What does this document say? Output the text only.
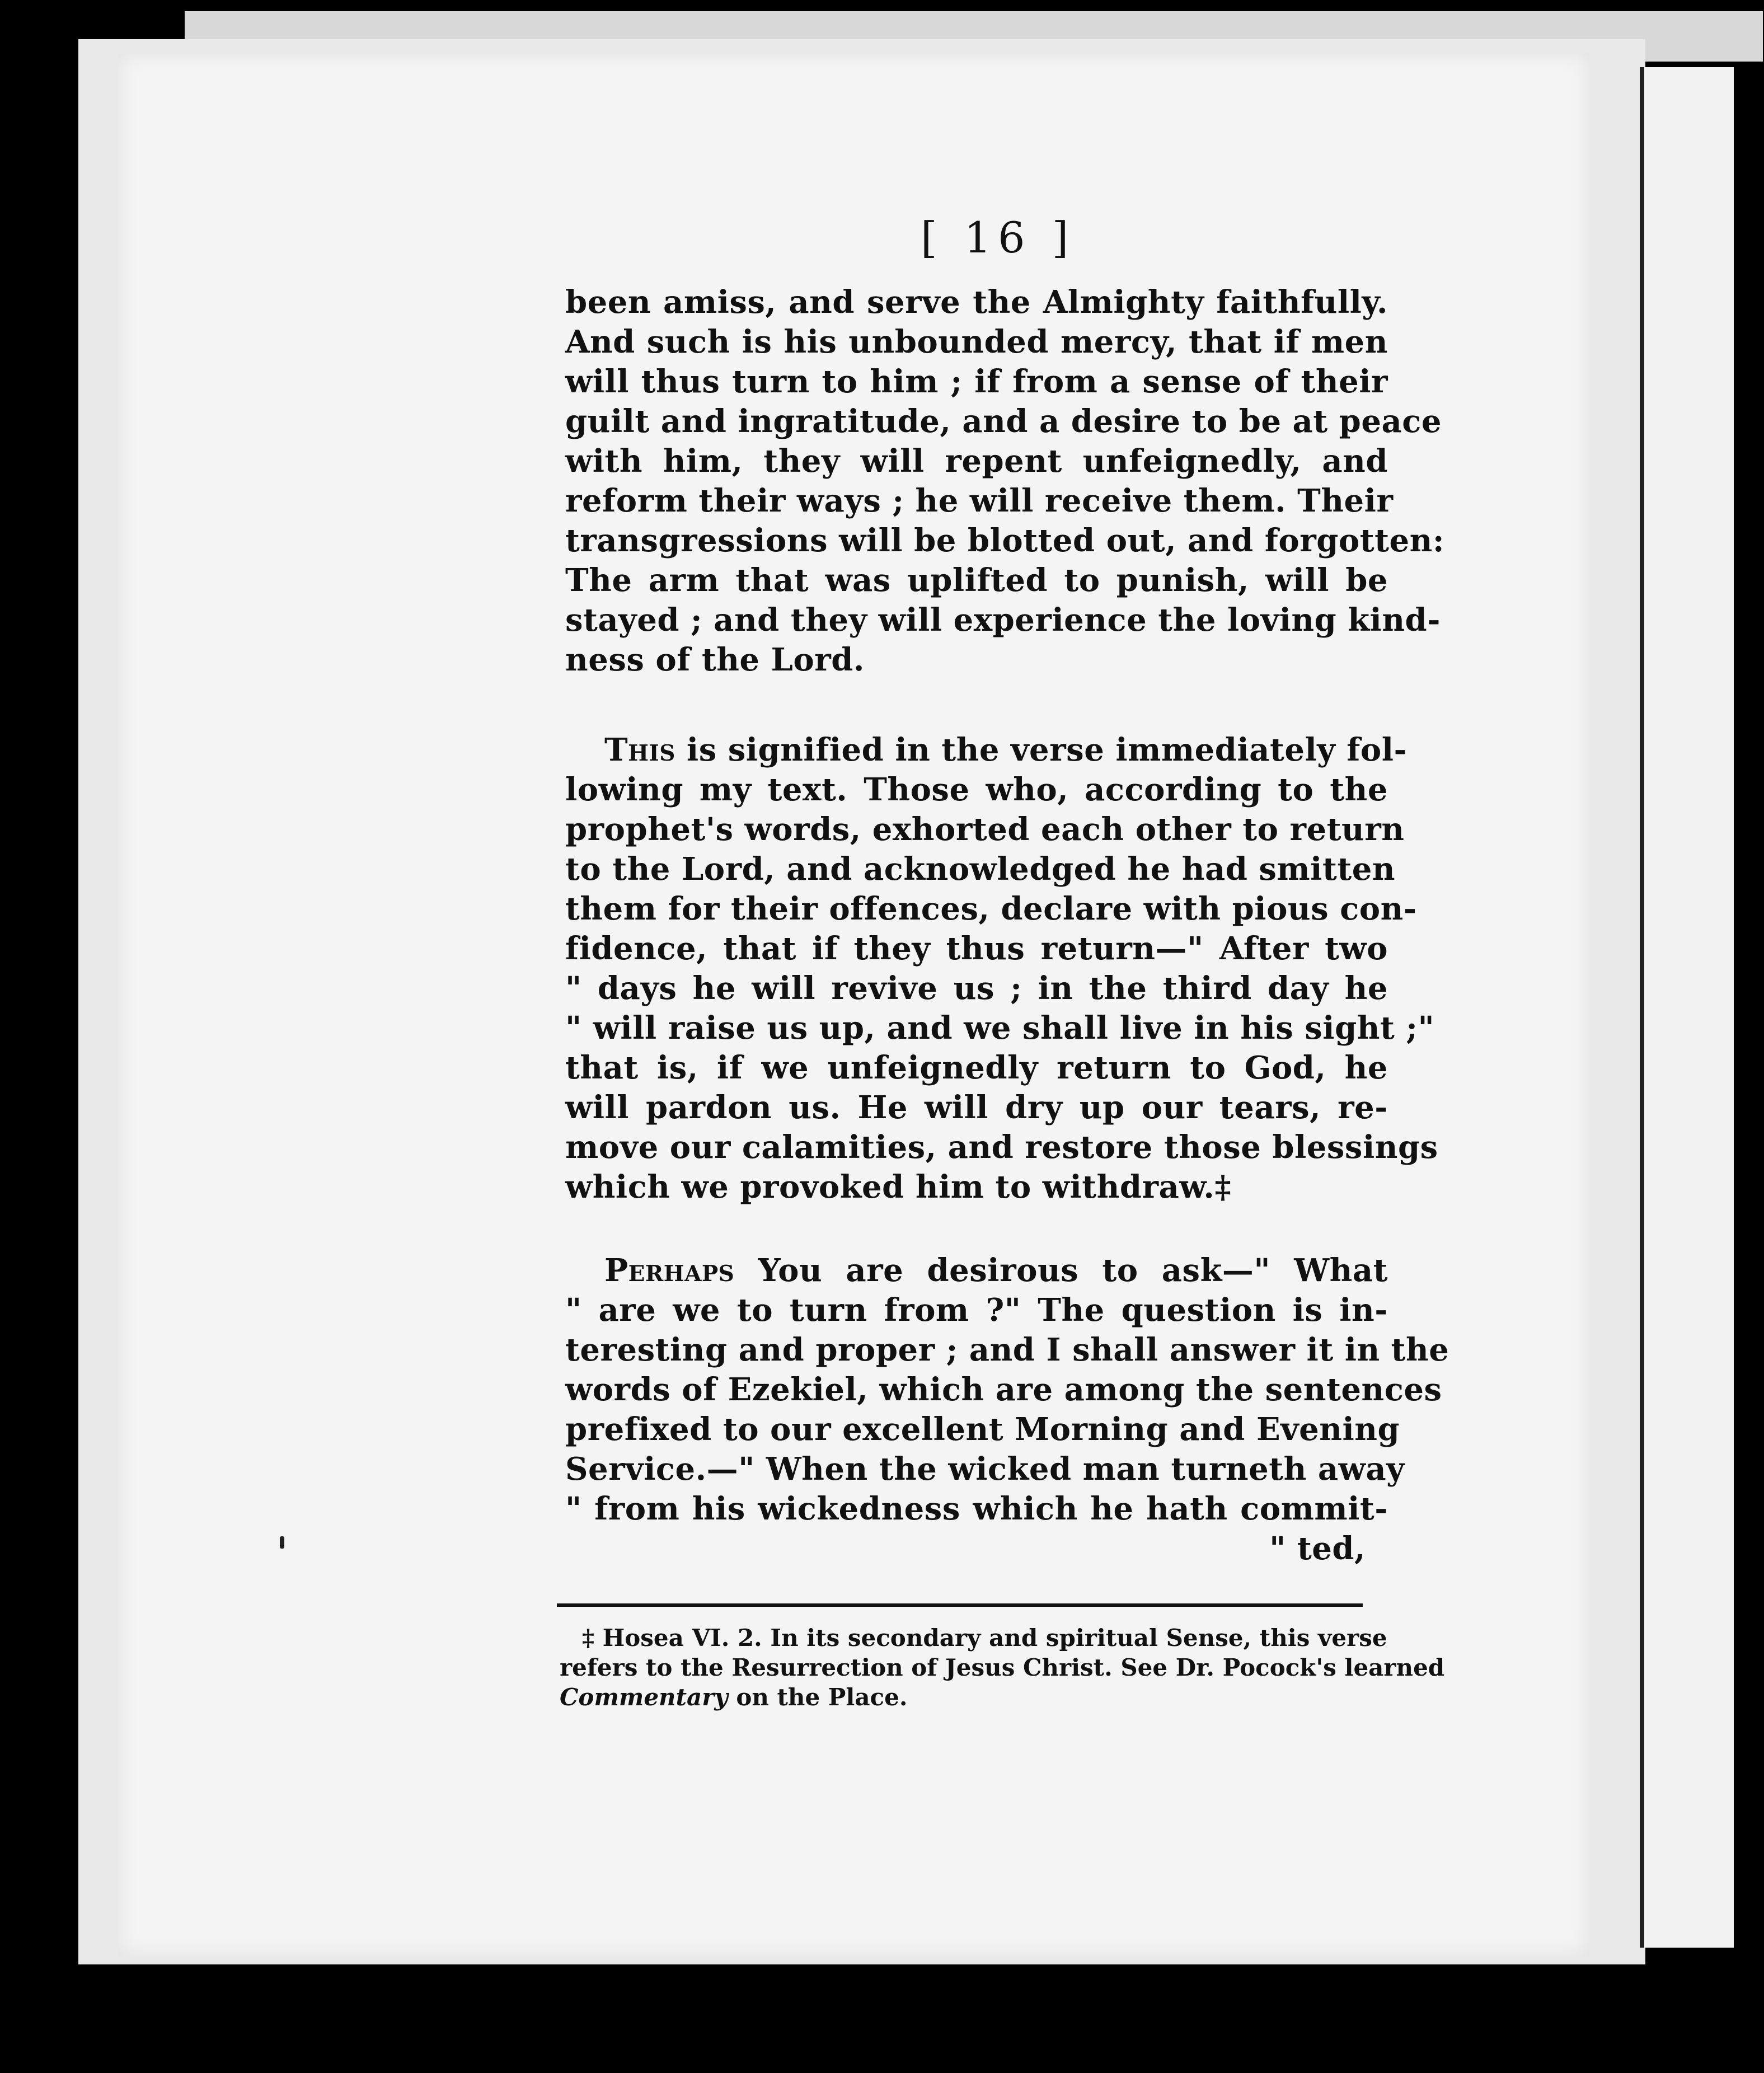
[ 16 ]
been amiss, and serve the Almighty faithfully.
And such is his unbounded mercy, that if men
will thus turn to him ; if from a sense of their
guilt and ingratitude, and a desire to be at peace
with him, they will repent unfeignedly, and
reform their ways ; he will receive them. Their
transgressions will be blotted out, and forgotten:
The arm that was uplifted to punish, will be
stayed ; and they will experience the loving kind-
ness of the Lord.
This is signified in the verse immediately fol-
lowing my text. Those who, according to the
prophet's words, exhorted each other to return
to the Lord, and acknowledged he had smitten
them for their offences, declare with pious con-
fidence, that if they thus return—" After two
" days he will revive us ; in the third day he
" will raise us up, and we shall live in his sight ;"
that is, if we unfeignedly return to God, he
will pardon us. He will dry up our tears, re-
move our calamities, and restore those blessings
which we provoked him to withdraw.‡
Perhaps You are desirous to ask—" What
" are we to turn from ?" The question is in-
teresting and proper ; and I shall answer it in the
words of Ezekiel, which are among the sentences
prefixed to our excellent Morning and Evening
Service.—" When the wicked man turneth away
" from his wickedness which he hath commit-
" ted,
‡ Hosea VI. 2. In its secondary and spiritual Sense, this verse
refers to the Resurrection of Jesus Christ. See Dr. Pocock's learned
Commentary on the Place.
